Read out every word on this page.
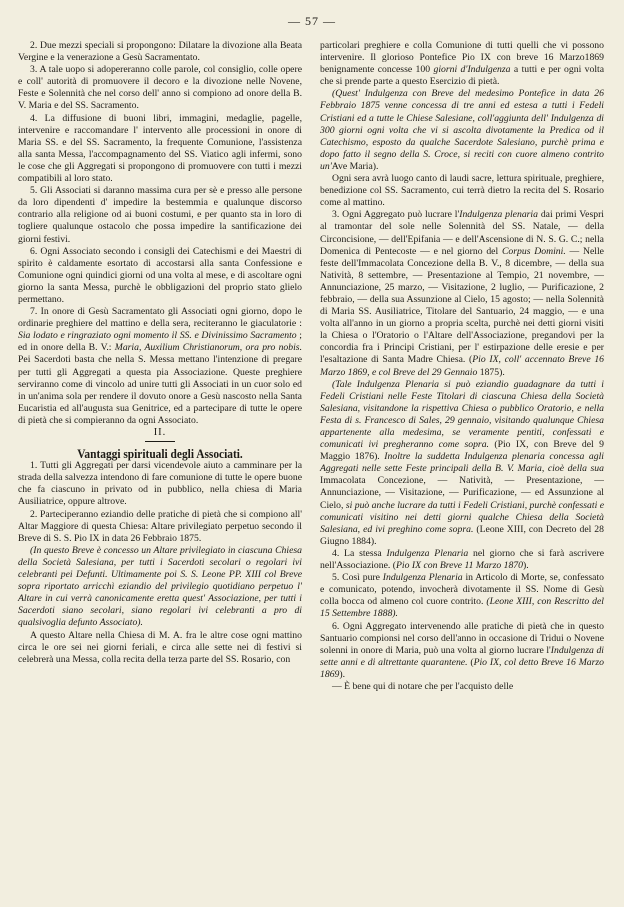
— 57 —

2. Due mezzi speciali si propongono: Dilatare la divozione alla Beata Vergine e la venerazione a Gesù Sacramentato.

3. A tale uopo si adopereranno colle parole, col consiglio, colle opere e coll' autorità di promuovere il decoro e la divozione nelle Novene, Feste e Solennità che nel corso dell' anno si compiono ad onore della B. V. Maria e del SS. Sacramento.

4. La diffusione di buoni libri, immagini, medaglie, pagelle, intervenire e raccomandare l' intervento alle processioni in onore di Maria SS. e del SS. Sacramento, la frequente Comunione, l'assistenza alla santa Messa, l'accompagnamento del SS. Viatico agli infermi, sono le cose che gli Aggregati si propongono di promuovere con tutti i mezzi compatibili al loro stato.

5. Gli Associati si daranno massima cura per sè e presso alle persone da loro dipendenti d' impedire la bestemmia e qualunque discorso contrario alla religione od ai buoni costumi, e per quanto sta in loro di togliere qualunque ostacolo che possa impedire la santificazione dei giorni festivi.

6. Ogni Associato secondo i consigli dei Catechismi e dei Maestri di spirito è caldamente esortato di accostarsi alla santa Confessione e Comunione ogni quindici giorni od una volta al mese, e di ascoltare ogni giorno la santa Messa, purchè le obbligazioni del proprio stato glielo permettano.

7. In onore di Gesù Sacramentato gli Associati ogni giorno, dopo le ordinarie preghiere del mattino e della sera, reciteranno le giaculatorie : Sia lodato e ringraziato ogni momento il SS. e Divinissimo Sacramento ; ed in onore della B. V.: Maria, Auxilium Christianorum, ora pro nobis. Pei Sacerdoti basta che nella S. Messa mettano l'intenzione di pregare per tutti gli Aggregati a questa pia Associazione. Queste preghiere serviranno come di vincolo ad unire tutti gli Associati in un cuor solo ed in un'anima sola per rendere il dovuto onore a Gesù nascosto nella Santa Eucaristia ed all'augusta sua Genitrice, ed a partecipare di tutte le opere di pietà che si compieranno da ogni Associato.

II.

Vantaggi spirituali degli Associati.

1. Tutti gli Aggregati per darsi vicendevole aiuto a camminare per la strada della salvezza intendono di fare comunione di tutte le opere buone che fa ciascuno in privato od in pubblico, nella chiesa di Maria Ausiliatrice, oppure altrove.

2. Parteciperanno eziandio delle pratiche di pietà che si compiono all' Altar Maggiore di questa Chiesa: Altare privilegiato perpetuo secondo il Breve di S. S. Pio IX in data 26 Febbraio 1875.

(In questo Breve è concesso un Altare privilegiato in ciascuna Chiesa della Società Salesiana, per tutti i Sacerdoti secolari o regolari ivi celebranti pei Defunti. Ultimamente poi S. S. Leone PP. XIII col Breve sopra riportato arricchì eziandio del privilegio quotidiano perpetuo l' Altare in cui verrà canonicamente eretta quest' Associazione, per tutti i Sacerdoti siano secolari, siano regolari ivi celebranti a pro di qualsivoglia defunto Associato).

A questo Altare nella Chiesa di M. A. fra le altre cose ogni mattino circa le ore sei nei giorni feriali, e circa alle sette nei dì festivi si celebrerà una Messa, colla recita della terza parte del SS. Rosario, con

particolari preghiere e colla Comunione di tutti quelli che vi possono intervenire. Il glorioso Pontefice Pio IX con breve 16 Marzo1869 benignamente concesse 100 giorni d'Indulgenza a tutti e per ogni volta che si prende parte a questo Esercizio di pietà.

(Quest' Indulgenza con Breve del medesimo Pontefice in data 26 Febbraio 1875 venne concessa di tre anni ed estesa a tutti i Fedeli Cristiani ed a tutte le Chiese Salesiane, coll'aggiunta dell' Indulgenza di 300 giorni ogni volta che vi si ascolta divotamente la Predica od il Catechismo, esposto da qualche Sacerdote Salesiano, purchè prima e dopo fatto il segno della S. Croce, si reciti con cuore almeno contrito un'Ave Maria).

Ogni sera avrà luogo canto di laudi sacre, lettura spirituale, preghiere, benedizione col SS. Sacramento, cui terrà dietro la recita del S. Rosario come al mattino.

3. Ogni Aggregato può lucrare l'Indulgenza plenaria dai primi Vespri al tramontar del sole nelle Solennità del SS. Natale, — della Circoncisione, — dell'Epifania — e dell'Ascensione di N. S. G. C.; nella Domenica di Pentecoste — e nel giorno del Corpus Domini. — Nelle feste dell'Immacolata Concezione della B. V., 8 dicembre, — della sua Natività, 8 settembre, — Presentazione al Tempio, 21 novembre, — Annunciazione, 25 marzo, — Visitazione, 2 luglio, — Purificazione, 2 febbraio, — della sua Assunzione al Cielo, 15 agosto; — nella Solennità di Maria SS. Ausiliatrice, Titolare del Santuario, 24 maggio, — e una volta all'anno in un giorno a propria scelta, purchè nei detti giorni visiti la Chiesa o l'Oratorio o l'Altare dell'Associazione, pregandovi per la concordia fra i Principi Cristiani, per l' estirpazione delle eresie e per l'esaltazione di Santa Madre Chiesa. (Pio IX, coll' accennato Breve 16 Marzo 1869, e col Breve del 29 Gennaio 1875).

(Tale Indulgenza Plenaria si può eziandio guadagnare da tutti i Fedeli Cristiani nelle Feste Titolari di ciascuna Chiesa della Società Salesiana, visitandone la rispettiva Chiesa o pubblico Oratorio, e nella Festa di s. Francesco di Sales, 29 gennaio, visitando qualunque Chiesa appartenente alla medesima, se veramente pentiti, confessati e comunicati ivi pregheranno come sopra. (Pio IX, con Breve del 9 Maggio 1876). Inoltre la suddetta Indulgenza plenaria concessa agli Aggregati nelle sette Feste principali della B. V. Maria, cioè della sua Immacolata Concezione, — Natività, — Presentazione, — Annunciazione, — Visitazione, — Purificazione, — ed Assunzione al Cielo, si può anche lucrare da tutti i Fedeli Cristiani, purchè confessati e comunicati visitino nei detti giorni qualche Chiesa della Società Salesiana, ed ivi preghino come sopra. (Leone XIII, con Decreto del 28 Giugno 1884).

4. La stessa Indulgenza Plenaria nel giorno che si farà ascrivere nell'Associazione. (Pio IX con Breve 11 Marzo 1870).

5. Così pure Indulgenza Plenaria in Articolo di Morte, se, confessato e comunicato, potendo, invocherà divotamente il SS. Nome di Gesù colla bocca od almeno col cuore contrito. (Leone XIII, con Rescritto del 15 Settembre 1888).

6. Ogni Aggregato intervenendo alle pratiche di pietà che in questo Santuario compionsi nel corso dell'anno in occasione di Tridui o Novene solenni in onore di Maria, può una volta al giorno lucrare l'Indulgenza di sette anni e di altrettante quarantene. (Pio IX, col detto Breve 16 Marzo 1869).

— È bene qui di notare che per l'acquisto delle
